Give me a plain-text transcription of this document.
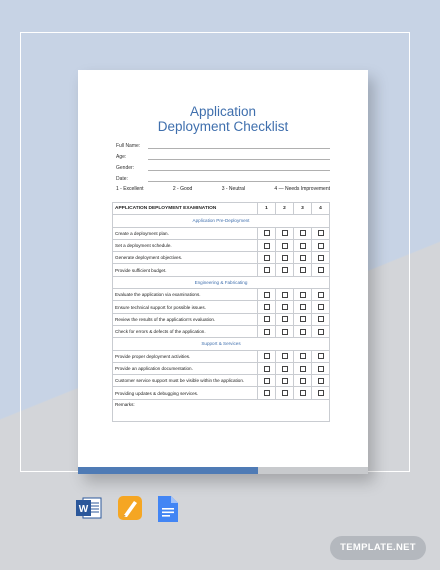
Application
Deployment Checklist
Full Name:
Age:
Gender:
Date:
1 - Excellent	2 - Good	3 - Neutral	4 — Needs Improvement
APPLICATION DEPLOYMENT EXAMINATION	1	2	3	4
Application Pre-Deployment				
Create a deployment plan.				
Set a deployment schedule.				
Generate deployment objectives.				
Provide sufficient budget.				
Engineering & Fabricating				
Evaluate the application via examinations.				
Ensure technical support for possible issues.				
Review the results of the application's evaluation.				
Check for errors & defects of the application.				
Support & Services				
Provide proper deployment activities.				
Provide an application documentation.				
Customer service support must be visible within the application.				
Providing updates & debugging services.				
Remarks:				
W
TEMPLATE.NET
